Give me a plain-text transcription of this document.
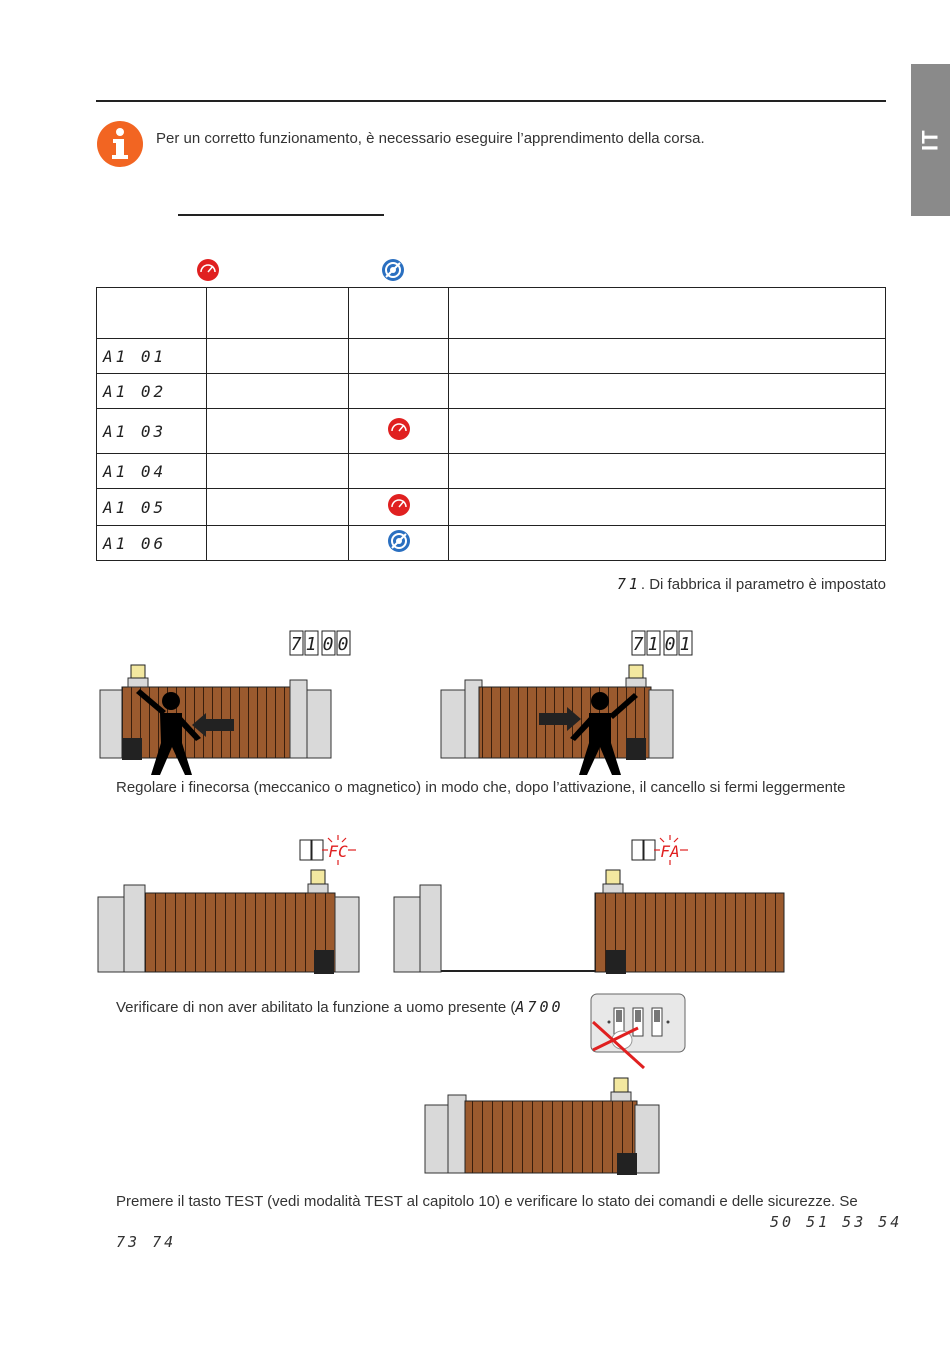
IT
Per un corretto funzionamento, è necessario eseguire l’apprendimento della corsa.

A1 01			
A1 02			
A1 03			
A1 04			
A1 05			
A1 06			
71. Di fabbrica il parametro è impostato
7 1 0 0	7 1 0 1
Regolare i finecorsa (meccanico o magnetico) in modo che, dopo l’attivazione, il cancello si fermi leggermente
FC	FA
Verificare di non aver abilitato la funzione a uomo presente (A700
Premere il tasto TEST (vedi modalità TEST al capitolo 10) e verificare lo stato dei comandi e delle sicurezze. Se
50 51 53 54
73 74
